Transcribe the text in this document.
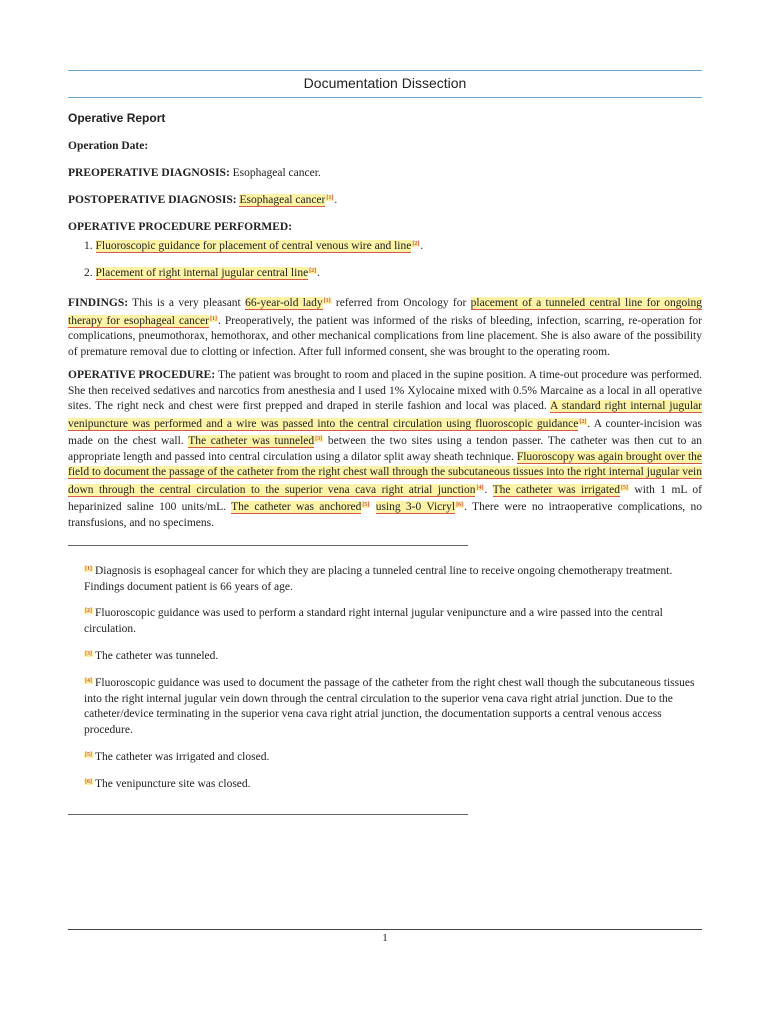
Documentation Dissection
Operative Report
Operation Date:
PREOPERATIVE DIAGNOSIS: Esophageal cancer.
POSTOPERATIVE DIAGNOSIS: Esophageal cancer[1].
OPERATIVE PROCEDURE PERFORMED:
1. Fluoroscopic guidance for placement of central venous wire and line[2].
2. Placement of right internal jugular central line[2].
FINDINGS: This is a very pleasant 66-year-old lady[1] referred from Oncology for placement of a tunneled central line for ongoing therapy for esophageal cancer[1]. Preoperatively, the patient was informed of the risks of bleeding, infection, scarring, re-operation for complications, pneumothorax, hemothorax, and other mechanical complications from line placement. She is also aware of the possibility of premature removal due to clotting or infection. After full informed consent, she was brought to the operating room.
OPERATIVE PROCEDURE: The patient was brought to room and placed in the supine position. A time-out procedure was performed. She then received sedatives and narcotics from anesthesia and I used 1% Xylocaine mixed with 0.5% Marcaine as a local in all operative sites. The right neck and chest were first prepped and draped in sterile fashion and local was placed. A standard right internal jugular venipuncture was performed and a wire was passed into the central circulation using fluoroscopic guidance[2]. A counter-incision was made on the chest wall. The catheter was tunneled[3] between the two sites using a tendon passer. The catheter was then cut to an appropriate length and passed into central circulation using a dilator split away sheath technique. Fluoroscopy was again brought over the field to document the passage of the catheter from the right chest wall through the subcutaneous tissues into the right internal jugular vein down through the central circulation to the superior vena cava right atrial junction[4]. The catheter was irrigated[5] with 1 mL of heparinized saline 100 units/mL. The catheter was anchored[5] using 3-0 Vicryl[6]. There were no intraoperative complications, no transfusions, and no specimens.
[1] Diagnosis is esophageal cancer for which they are placing a tunneled central line to receive ongoing chemotherapy treatment. Findings document patient is 66 years of age.
[2] Fluoroscopic guidance was used to perform a standard right internal jugular venipuncture and a wire passed into the central circulation.
[3] The catheter was tunneled.
[4] Fluoroscopic guidance was used to document the passage of the catheter from the right chest wall though the subcutaneous tissues into the right internal jugular vein down through the central circulation to the superior vena cava right atrial junction. Due to the catheter/device terminating in the superior vena cava right atrial junction, the documentation supports a central venous access procedure.
[5] The catheter was irrigated and closed.
[6] The venipuncture site was closed.
1
